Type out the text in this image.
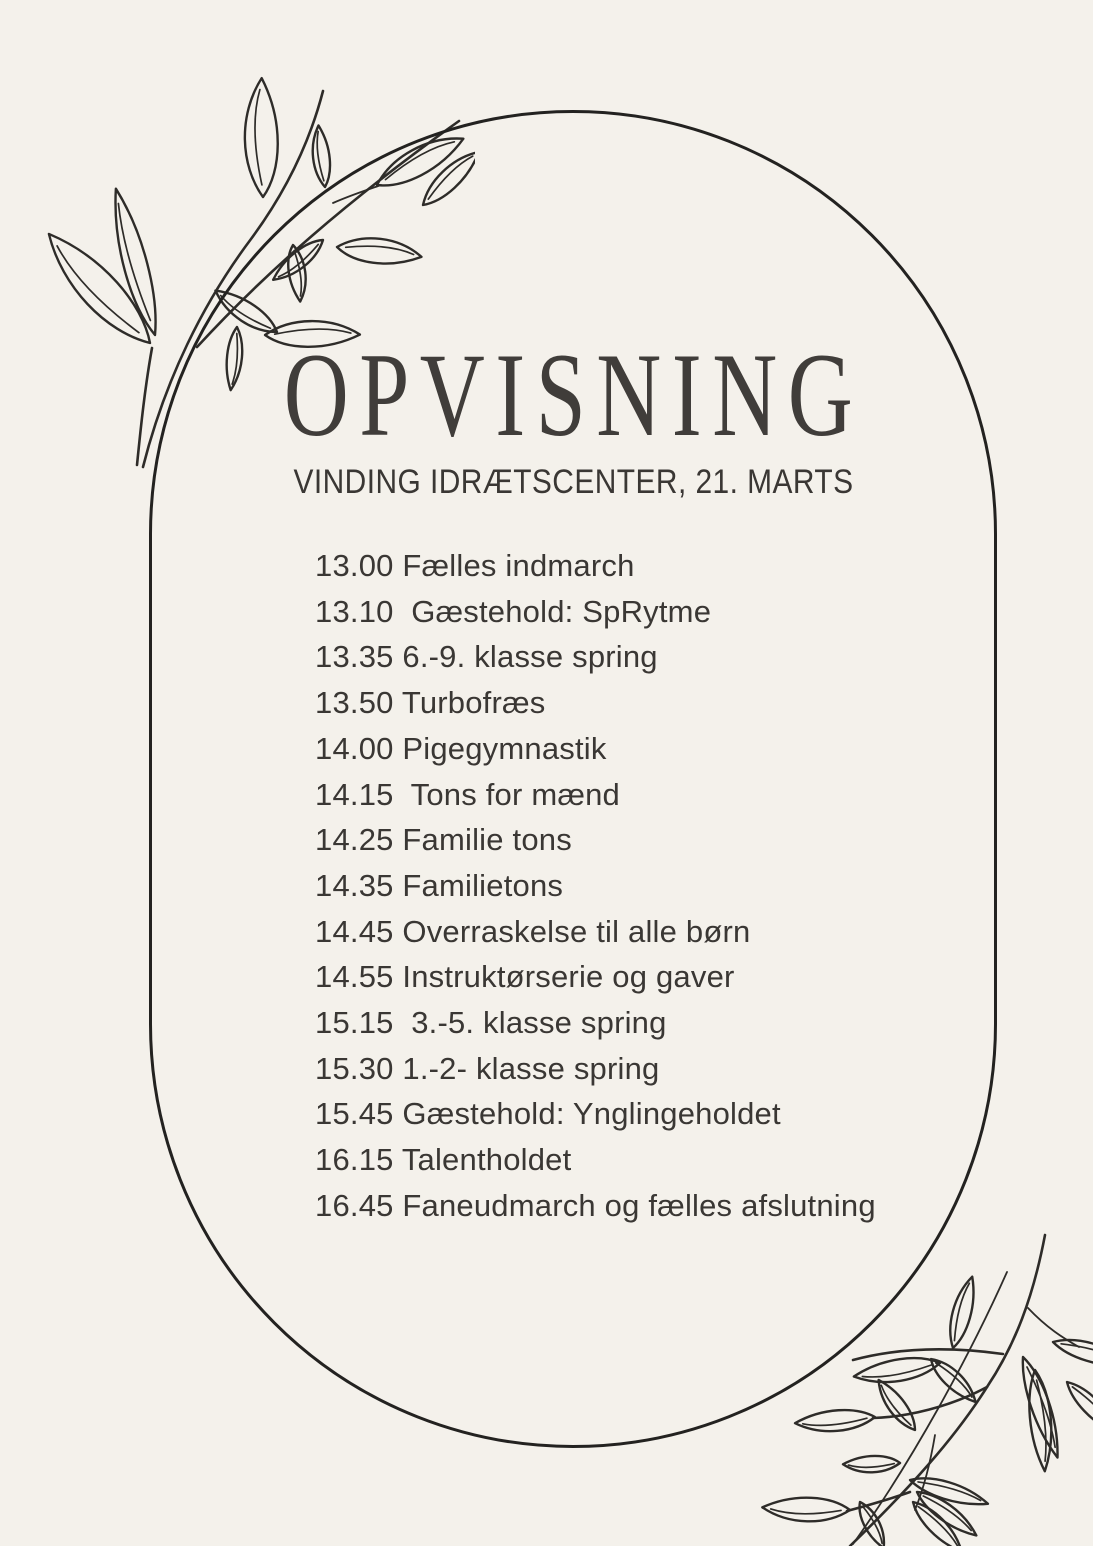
OPVISNING
VINDING IDRÆTSCENTER, 21. MARTS
13.00 Fælles indmarch
13.10  Gæstehold: SpRytme
13.35 6.-9. klasse spring
13.50 Turbofræs
14.00 Pigegymnastik
14.15  Tons for mænd
14.25 Familie tons
14.35 Familietons
14.45 Overraskelse til alle børn
14.55 Instruktørserie og gaver
15.15  3.-5. klasse spring
15.30 1.-2- klasse spring
15.45 Gæstehold: Ynglingeholdet
16.15 Talentholdet
16.45 Faneudmarch og fælles afslutning
